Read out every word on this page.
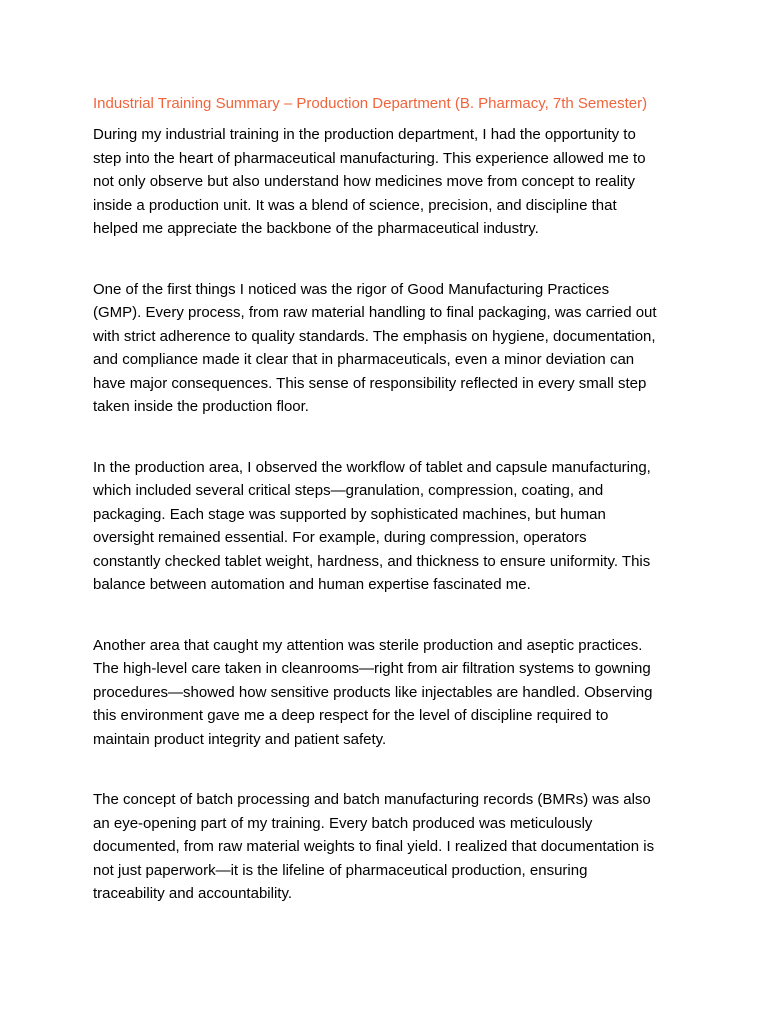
Industrial Training Summary – Production Department (B. Pharmacy, 7th Semester)
During my industrial training in the production department, I had the opportunity to
step into the heart of pharmaceutical manufacturing. This experience allowed me to
not only observe but also understand how medicines move from concept to reality
inside a production unit. It was a blend of science, precision, and discipline that
helped me appreciate the backbone of the pharmaceutical industry.
One of the first things I noticed was the rigor of Good Manufacturing Practices
(GMP). Every process, from raw material handling to final packaging, was carried out
with strict adherence to quality standards. The emphasis on hygiene, documentation,
and compliance made it clear that in pharmaceuticals, even a minor deviation can
have major consequences. This sense of responsibility reflected in every small step
taken inside the production floor.
In the production area, I observed the workflow of tablet and capsule manufacturing,
which included several critical steps—granulation, compression, coating, and
packaging. Each stage was supported by sophisticated machines, but human
oversight remained essential. For example, during compression, operators
constantly checked tablet weight, hardness, and thickness to ensure uniformity. This
balance between automation and human expertise fascinated me.
Another area that caught my attention was sterile production and aseptic practices.
The high-level care taken in cleanrooms—right from air filtration systems to gowning
procedures—showed how sensitive products like injectables are handled. Observing
this environment gave me a deep respect for the level of discipline required to
maintain product integrity and patient safety.
The concept of batch processing and batch manufacturing records (BMRs) was also
an eye-opening part of my training. Every batch produced was meticulously
documented, from raw material weights to final yield. I realized that documentation is
not just paperwork—it is the lifeline of pharmaceutical production, ensuring
traceability and accountability.
